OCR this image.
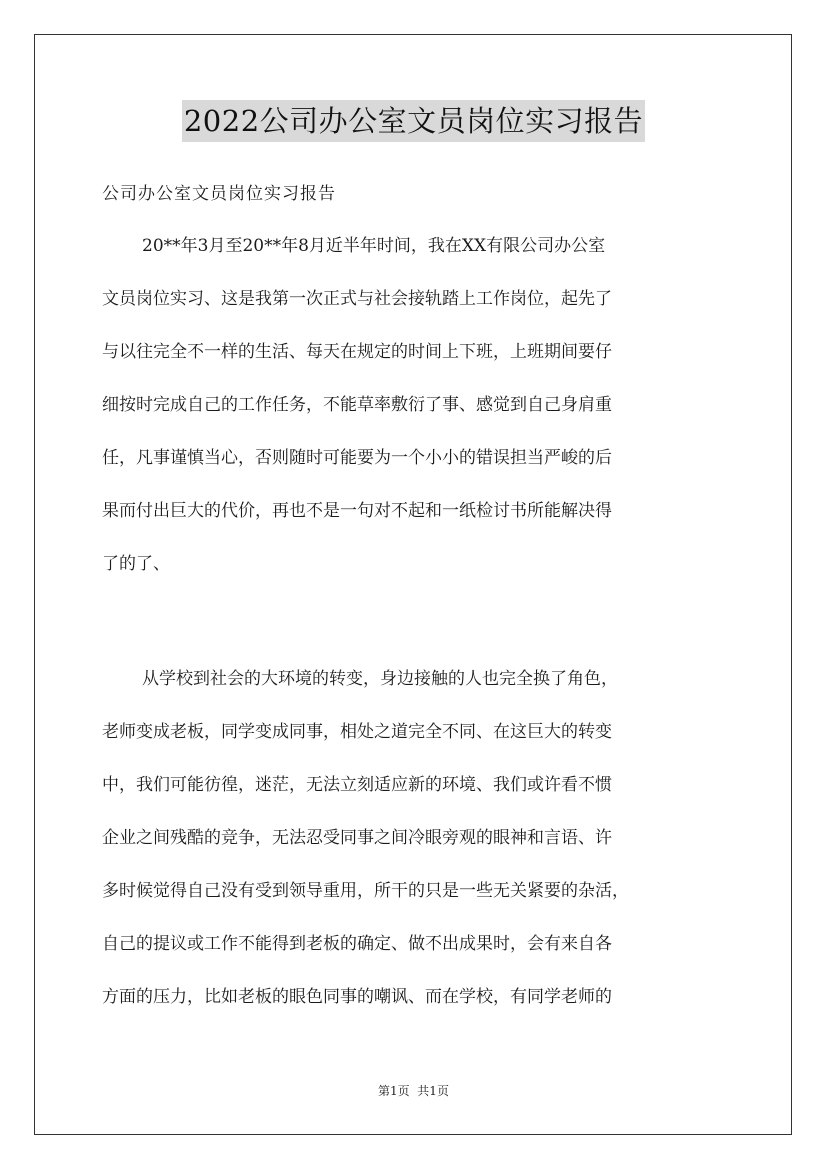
2022公司办公室文员岗位实习报告
公司办公室文员岗位实习报告
20**年3月至20**年8月近半年时间，我在XX有限公司办公室
文员岗位实习、这是我第一次正式与社会接轨踏上工作岗位，起先了
与以往完全不一样的生活、每天在规定的时间上下班，上班期间要仔
细按时完成自己的工作任务，不能草率敷衍了事、感觉到自己身肩重
任，凡事谨慎当心，否则随时可能要为一个小小的错误担当严峻的后
果而付出巨大的代价，再也不是一句对不起和一纸检讨书所能解决得
了的了、
从学校到社会的大环境的转变，身边接触的人也完全换了角色，
老师变成老板，同学变成同事，相处之道完全不同、在这巨大的转变
中，我们可能彷徨，迷茫，无法立刻适应新的环境、我们或许看不惯
企业之间残酷的竞争，无法忍受同事之间冷眼旁观的眼神和言语、许
多时候觉得自己没有受到领导重用，所干的只是一些无关紧要的杂活，
自己的提议或工作不能得到老板的确定、做不出成果时，会有来自各
方面的压力，比如老板的眼色同事的嘲讽、而在学校，有同学老师的
第1页  共1页
